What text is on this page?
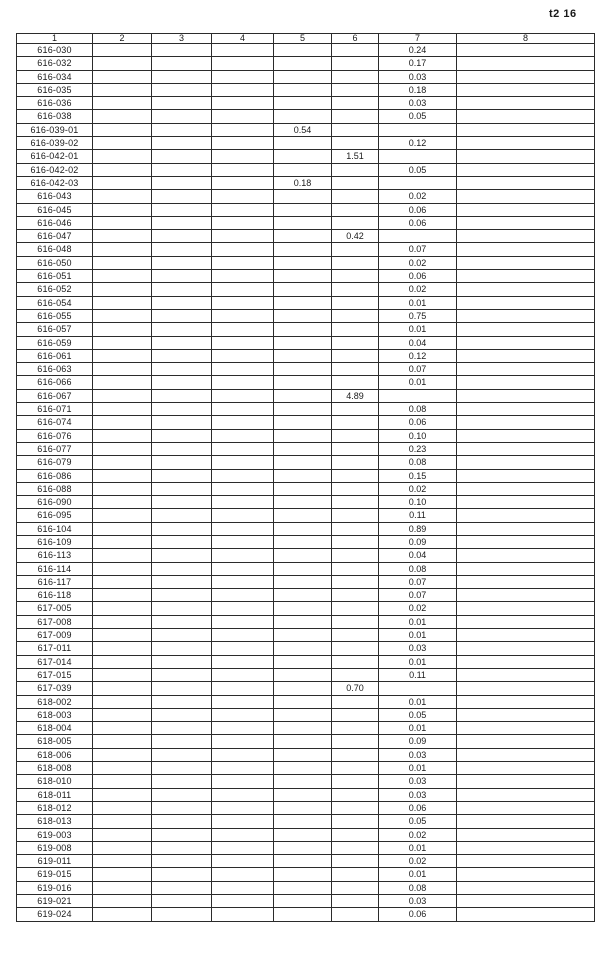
t2 16
1	2	3	4	5	6	7	8
616-030						0.24	
616-032						0.17	
616-034						0.03	
616-035						0.18	
616-036						0.03	
616-038						0.05	
616-039-01				0.54			
616-039-02						0.12	
616-042-01					1.51		
616-042-02						0.05	
616-042-03				0.18			
616-043						0.02	
616-045						0.06	
616-046						0.06	
616-047					0.42		
616-048						0.07	
616-050						0.02	
616-051						0.06	
616-052						0.02	
616-054						0.01	
616-055						0.75	
616-057						0.01	
616-059						0.04	
616-061						0.12	
616-063						0.07	
616-066						0.01	
616-067					4.89		
616-071						0.08	
616-074						0.06	
616-076						0.10	
616-077						0.23	
616-079						0.08	
616-086						0.15	
616-088						0.02	
616-090						0.10	
616-095						0.11	
616-104						0.89	
616-109						0.09	
616-113						0.04	
616-114						0.08	
616-117						0.07	
616-118						0.07	
617-005						0.02	
617-008						0.01	
617-009						0.01	
617-011						0.03	
617-014						0.01	
617-015						0.11	
617-039					0.70		
618-002						0.01	
618-003						0.05	
618-004						0.01	
618-005						0.09	
618-006						0.03	
618-008						0.01	
618-010						0.03	
618-011						0.03	
618-012						0.06	
618-013						0.05	
619-003						0.02	
619-008						0.01	
619-011						0.02	
619-015						0.01	
619-016						0.08	
619-021						0.03	
619-024						0.06	
